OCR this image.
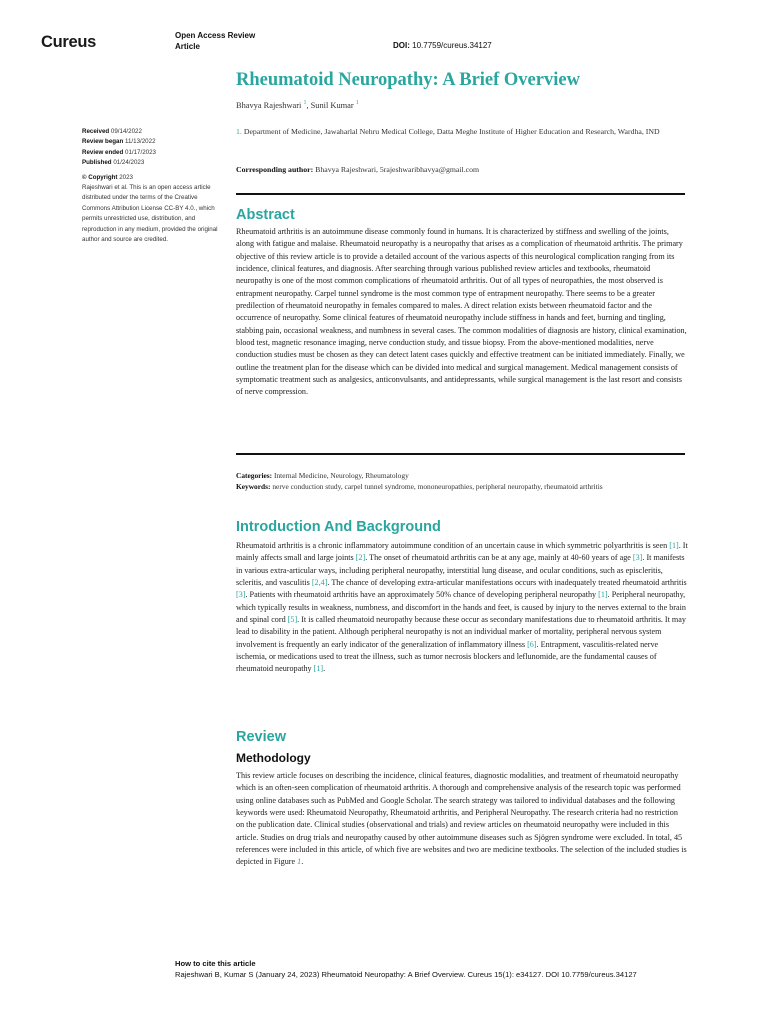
Cureus	Open Access Review
Article	DOI: 10.7759/cureus.34127
Rheumatoid Neuropathy: A Brief Overview
Bhavya Rajeshwari $^1$, Sunil Kumar $^1$
Received 09/14/2022
Review began 11/13/2022
Review ended 01/17/2023
Published 01/24/2023
© Copyright 2023
Rajeshwari et al. This is an open access article distributed under the terms of the Creative Commons Attribution License CC-BY 4.0., which permits unrestricted use, distribution, and reproduction in any medium, provided the original author and source are credited.
1. Department of Medicine, Jawaharlal Nehru Medical College, Datta Meghe Institute of Higher Education and Research, Wardha, IND
Corresponding author: Bhavya Rajeshwari, 5rajeshwaribhavya@gmail.com
Abstract
Rheumatoid arthritis is an autoimmune disease commonly found in humans. It is characterized by stiffness and swelling of the joints, along with fatigue and malaise. Rheumatoid neuropathy is a neuropathy that arises as a complication of rheumatoid arthritis. The primary objective of this review article is to provide a detailed account of the various aspects of this neurological complication ranging from its incidence, clinical features, and diagnosis. After searching through various published review articles and textbooks, rheumatoid neuropathy is one of the most common complications of rheumatoid arthritis. Out of all types of neuropathies, the most observed is entrapment neuropathy. Carpel tunnel syndrome is the most common type of entrapment neuropathy. There seems to be a greater predilection of rheumatoid neuropathy in females compared to males. A direct relation exists between rheumatoid factor and the occurrence of neuropathy. Some clinical features of rheumatoid neuropathy include stiffness in hands and feet, burning and tingling, stabbing pain, occasional weakness, and numbness in several cases. The common modalities of diagnosis are history, clinical examination, blood test, magnetic resonance imaging, nerve conduction study, and tissue biopsy. From the above-mentioned modalities, nerve conduction studies must be chosen as they can detect latent cases quickly and effective treatment can be initiated immediately. Finally, we outline the treatment plan for the disease which can be divided into medical and surgical management. Medical management consists of symptomatic treatment such as analgesics, anticonvulsants, and antidepressants, while surgical management is the last resort and consists of nerve compression.
Categories: Internal Medicine, Neurology, Rheumatology
Keywords: nerve conduction study, carpel tunnel syndrome, mononeuropathies, peripheral neuropathy, rheumatoid arthritis
Introduction And Background
Rheumatoid arthritis is a chronic inflammatory autoimmune condition of an uncertain cause in which symmetric polyarthritis is seen [1]. It mainly affects small and large joints [2]. The onset of rheumatoid arthritis can be at any age, mainly at 40-60 years of age [3]. It manifests in various extra-articular ways, including peripheral neuropathy, interstitial lung disease, and ocular conditions, such as episcleritis, scleritis, and vasculitis [2,4]. The chance of developing extra-articular manifestations occurs with inadequately treated rheumatoid arthritis [3]. Patients with rheumatoid arthritis have an approximately 50% chance of developing peripheral neuropathy [1]. Peripheral neuropathy, which typically results in weakness, numbness, and discomfort in the hands and feet, is caused by injury to the nerves external to the brain and spinal cord [5]. It is called rheumatoid neuropathy because these occur as secondary manifestations due to rheumatoid arthritis. It may lead to disability in the patient. Although peripheral neuropathy is not an individual marker of mortality, peripheral nervous system involvement is frequently an early indicator of the generalization of inflammatory illness [6]. Entrapment, vasculitis-related nerve ischemia, or medications used to treat the illness, such as tumor necrosis blockers and leflunomide, are the fundamental causes of rheumatoid neuropathy [1].
Review
Methodology
This review article focuses on describing the incidence, clinical features, diagnostic modalities, and treatment of rheumatoid neuropathy which is an often-seen complication of rheumatoid arthritis. A thorough and comprehensive analysis of the research topic was performed using online databases such as PubMed and Google Scholar. The search strategy was tailored to individual databases and the following keywords were used: Rheumatoid Neuropathy, Rheumatoid arthritis, and Peripheral Neuropathy. The research criteria had no restriction on the publication date. Clinical studies (observational and trials) and review articles on rheumatoid neuropathy were included in this article. Studies on drug trials and neuropathy caused by other autoimmune diseases such as Sjögren syndrome were excluded. In total, 45 references were included in this article, of which five are websites and two are medicine textbooks. The selection of the included studies is depicted in Figure 1.
How to cite this article
Rajeshwari B, Kumar S (January 24, 2023) Rheumatoid Neuropathy: A Brief Overview. Cureus 15(1): e34127. DOI 10.7759/cureus.34127
